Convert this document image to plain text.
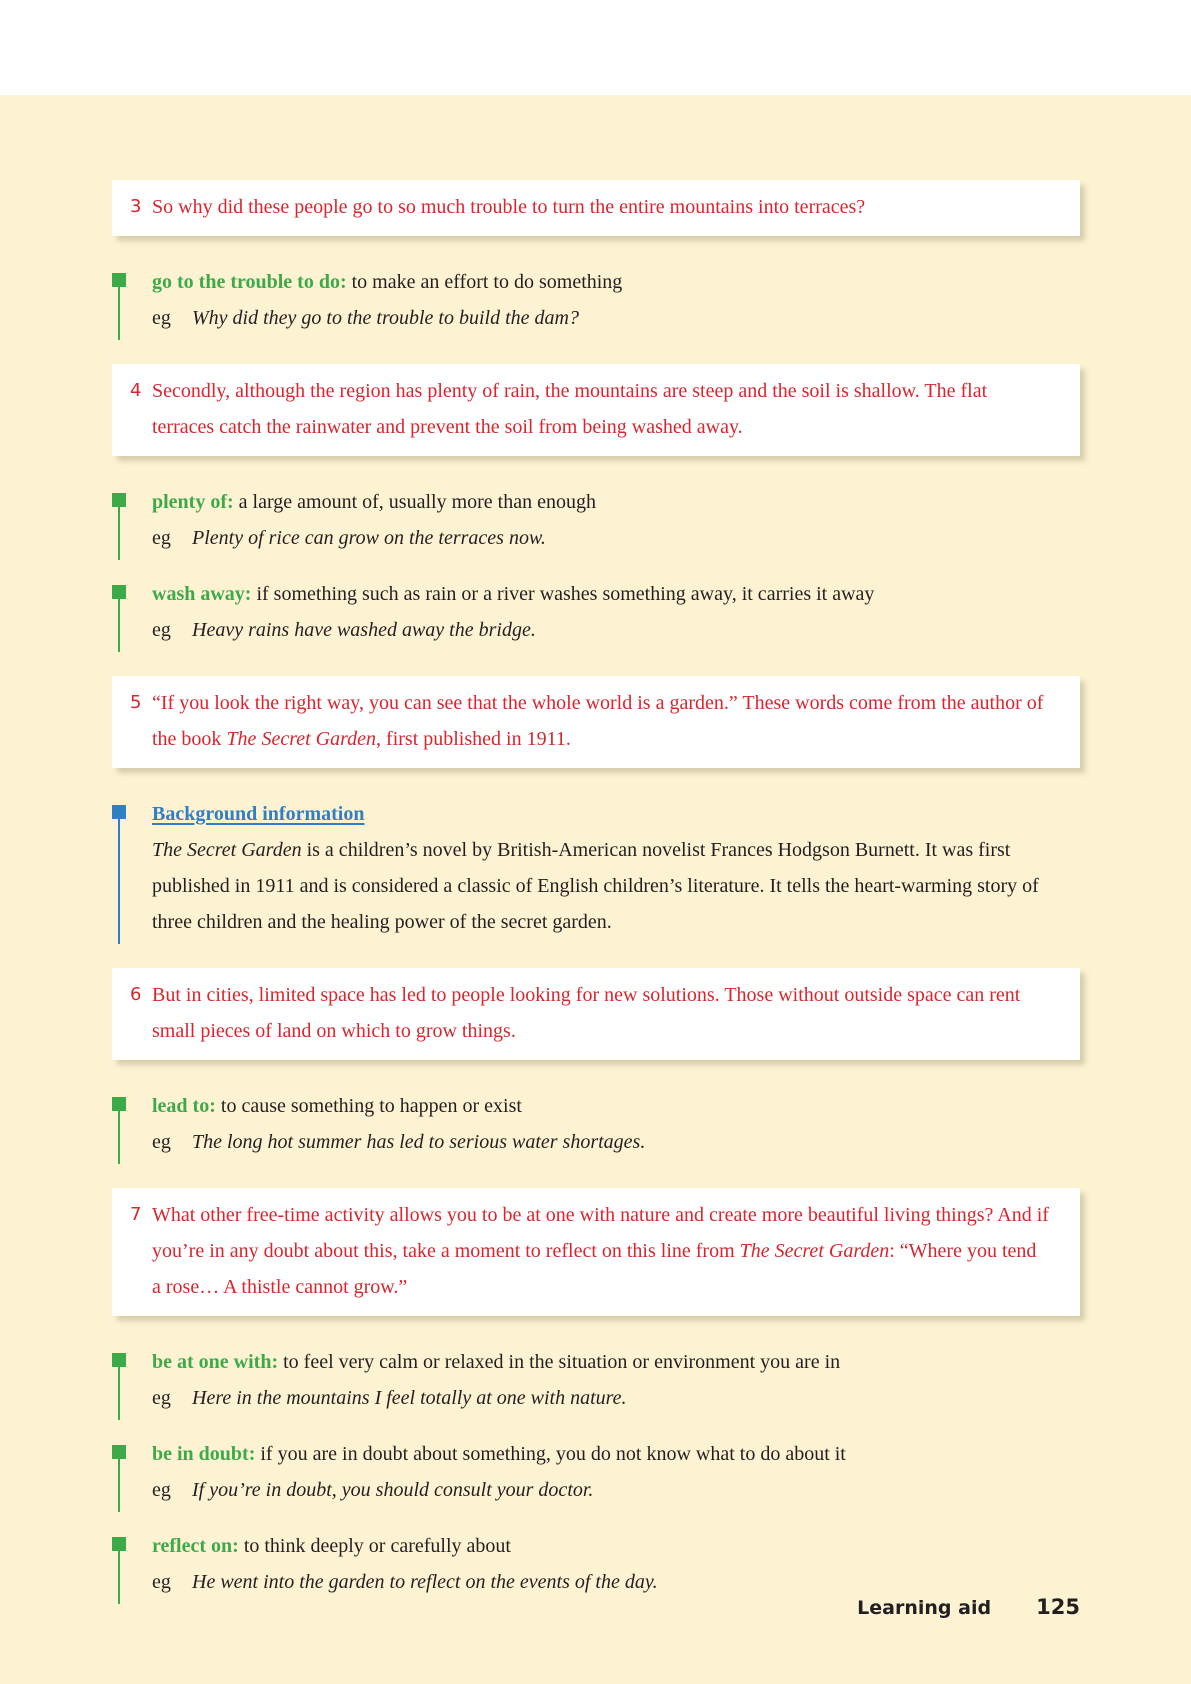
3 So why did these people go to so much trouble to turn the entire mountains into terraces?
go to the trouble to do: to make an effort to do something
eg Why did they go to the trouble to build the dam?
4 Secondly, although the region has plenty of rain, the mountains are steep and the soil is shallow. The flat terraces catch the rainwater and prevent the soil from being washed away.
plenty of: a large amount of, usually more than enough
eg Plenty of rice can grow on the terraces now.
wash away: if something such as rain or a river washes something away, it carries it away
eg Heavy rains have washed away the bridge.
5 “If you look the right way, you can see that the whole world is a garden.” These words come from the author of the book The Secret Garden, first published in 1911.
Background information
The Secret Garden is a children’s novel by British-American novelist Frances Hodgson Burnett. It was first published in 1911 and is considered a classic of English children’s literature. It tells the heart-warming story of three children and the healing power of the secret garden.
6 But in cities, limited space has led to people looking for new solutions. Those without outside space can rent small pieces of land on which to grow things.
lead to: to cause something to happen or exist
eg The long hot summer has led to serious water shortages.
7 What other free-time activity allows you to be at one with nature and create more beautiful living things? And if you’re in any doubt about this, take a moment to reflect on this line from The Secret Garden: “Where you tend a rose… A thistle cannot grow.”
be at one with: to feel very calm or relaxed in the situation or environment you are in
eg Here in the mountains I feel totally at one with nature.
be in doubt: if you are in doubt about something, you do not know what to do about it
eg If you’re in doubt, you should consult your doctor.
reflect on: to think deeply or carefully about
eg He went into the garden to reflect on the events of the day.
Learning aid 125
